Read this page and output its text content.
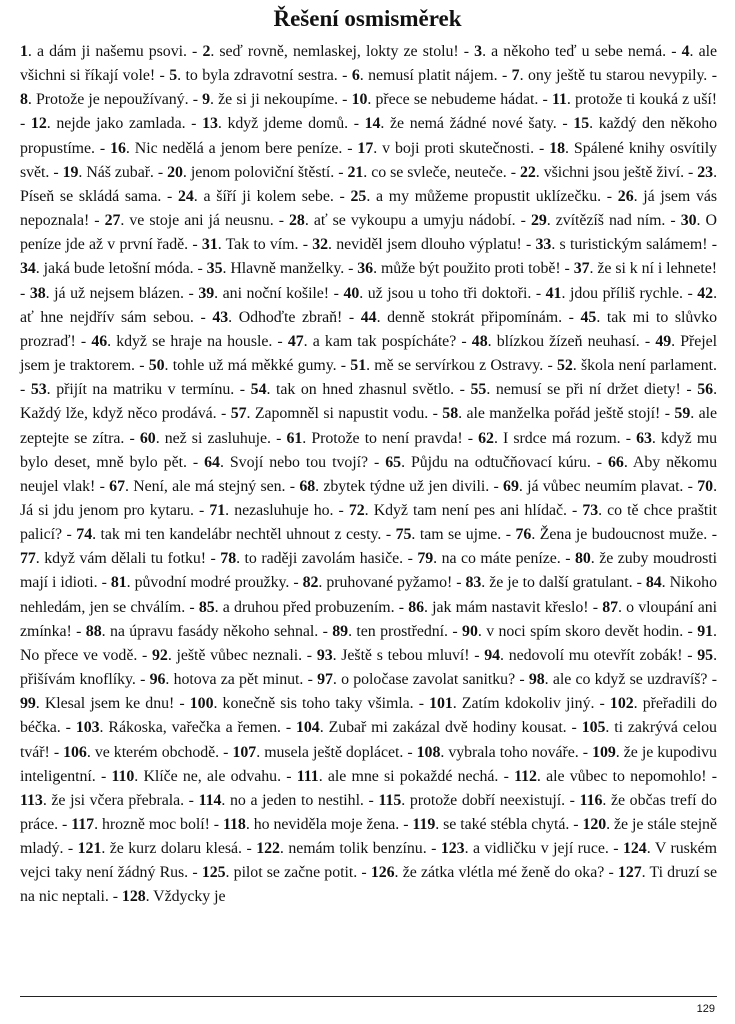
Řešení osmisměrek
1. a dám ji našemu psovi. - 2. seď rovně, nemlaskej, lokty ze stolu! - 3. a někoho teď u sebe nemá. - 4. ale všichni si říkají vole! - 5. to byla zdravotní sestra. - 6. nemusí platit nájem. - 7. ony ještě tu starou nevypily. - 8. Protože je nepoužívaný. - 9. že si ji nekoupíme. - 10. přece se nebudeme hádat. - 11. protože ti kouká z uší! - 12. nejde jako zamlada. - 13. když jdeme domů. - 14. že nemá žádné nové šaty. - 15. každý den někoho propustíme. - 16. Nic nedělá a jenom bere peníze. - 17. v boji proti skutečnosti. - 18. Spálené knihy osvítily svět. - 19. Náš zubař. - 20. jenom poloviční štěstí. - 21. co se svleče, neuteče. - 22. všichni jsou ještě živí. - 23. Píseň se skládá sama. - 24. a šíří ji kolem sebe. - 25. a my můžeme propustit uklízečku. - 26. já jsem vás nepoznala! - 27. ve stoje ani já neusnu. - 28. ať se vykoupu a umyju nádobí. - 29. zvítězíš nad ním. - 30. O peníze jde až v první řadě. - 31. Tak to vím. - 32. neviděl jsem dlouho výplatu! - 33. s turistickým salámem! - 34. jaká bude letošní móda. - 35. Hlavně manželky. - 36. může být použito proti tobě! - 37. že si k ní i lehnete! - 38. já už nejsem blázen. - 39. ani noční košile! - 40. už jsou u toho tři doktoři. - 41. jdou příliš rychle. - 42. ať hne nejdřív sám sebou. - 43. Odhoďte zbraň! - 44. denně stokrát připomínám. - 45. tak mi to slůvko prozraď! - 46. když se hraje na housle. - 47. a kam tak pospícháte? - 48. blízkou žízeň neuhasí. - 49. Přejel jsem je traktorem. - 50. tohle už má měkké gumy. - 51. mě se servírkou z Ostravy. - 52. škola není parlament. - 53. přijít na matriku v termínu. - 54. tak on hned zhasnul světlo. - 55. nemusí se při ní držet diety! - 56. Každý lže, když něco prodává. - 57. Zapomněl si napustit vodu. - 58. ale manželka pořád ještě stojí! - 59. ale zeptejte se zítra. - 60. než si zasluhuje. - 61. Protože to není pravda! - 62. I srdce má rozum. - 63. když mu bylo deset, mně bylo pět. - 64. Svojí nebo tou tvojí? - 65. Půjdu na odtučňovací kúru. - 66. Aby někomu neujel vlak! - 67. Není, ale má stejný sen. - 68. zbytek týdne už jen divili. - 69. já vůbec neumím plavat. - 70. Já si jdu jenom pro kytaru. - 71. nezasluhuje ho. - 72. Když tam není pes ani hlídač. - 73. co tě chce praštit palicí? - 74. tak mi ten kandelábr nechtěl uhnout z cesty. - 75. tam se ujme. - 76. Žena je budoucnost muže. - 77. když vám dělali tu fotku! - 78. to raději zavolám hasiče. - 79. na co máte peníze. - 80. že zuby moudrosti mají i idioti. - 81. původní modré proužky. - 82. pruhované pyžamo! - 83. že je to další gratulant. - 84. Nikoho nehledám, jen se chválím. - 85. a druhou před probuzením. - 86. jak mám nastavit křeslo! - 87. o vloupání ani zmínka! - 88. na úpravu fasády někoho sehnal. - 89. ten prostřední. - 90. v noci spím skoro devět hodin. - 91. No přece ve vodě. - 92. ještě vůbec neznali. - 93. Ještě s tebou mluví! - 94. nedovolí mu otevřít zobák! - 95. přišívám knoflíky. - 96. hotova za pět minut. - 97. o poločase zavolat sanitku? - 98. ale co když se uzdravíš? - 99. Klesal jsem ke dnu! - 100. konečně sis toho taky všimla. - 101. Zatím kdokoliv jiný. - 102. přeřadili do béčka. - 103. Rákoska, vařečka a řemen. - 104. Zubař mi zakázal dvě hodiny kousat. - 105. ti zakrývá celou tvář! - 106. ve kterém obchodě. - 107. musela ještě doplácet. - 108. vybrala toho nováře. - 109. že je kupodivu inteligentní. - 110. Klíče ne, ale odvahu. - 111. ale mne si pokaždé nechá. - 112. ale vůbec to nepomohlo! - 113. že jsi včera přebrala. - 114. no a jeden to nestihl. - 115. protože dobří neexistují. - 116. že občas trefí do práce. - 117. hrozně moc bolí! - 118. ho neviděla moje žena. - 119. se také stébla chytá. - 120. že je stále stejně mladý. - 121. že kurz dolaru klesá. - 122. nemám tolik benzínu. - 123. a vidličku v její ruce. - 124. V ruském vejci taky není žádný Rus. - 125. pilot se začne potit. - 126. že zátka vlétla mé ženě do oka? - 127. Ti druzí se na nic neptali. - 128. Vždycky je
129
